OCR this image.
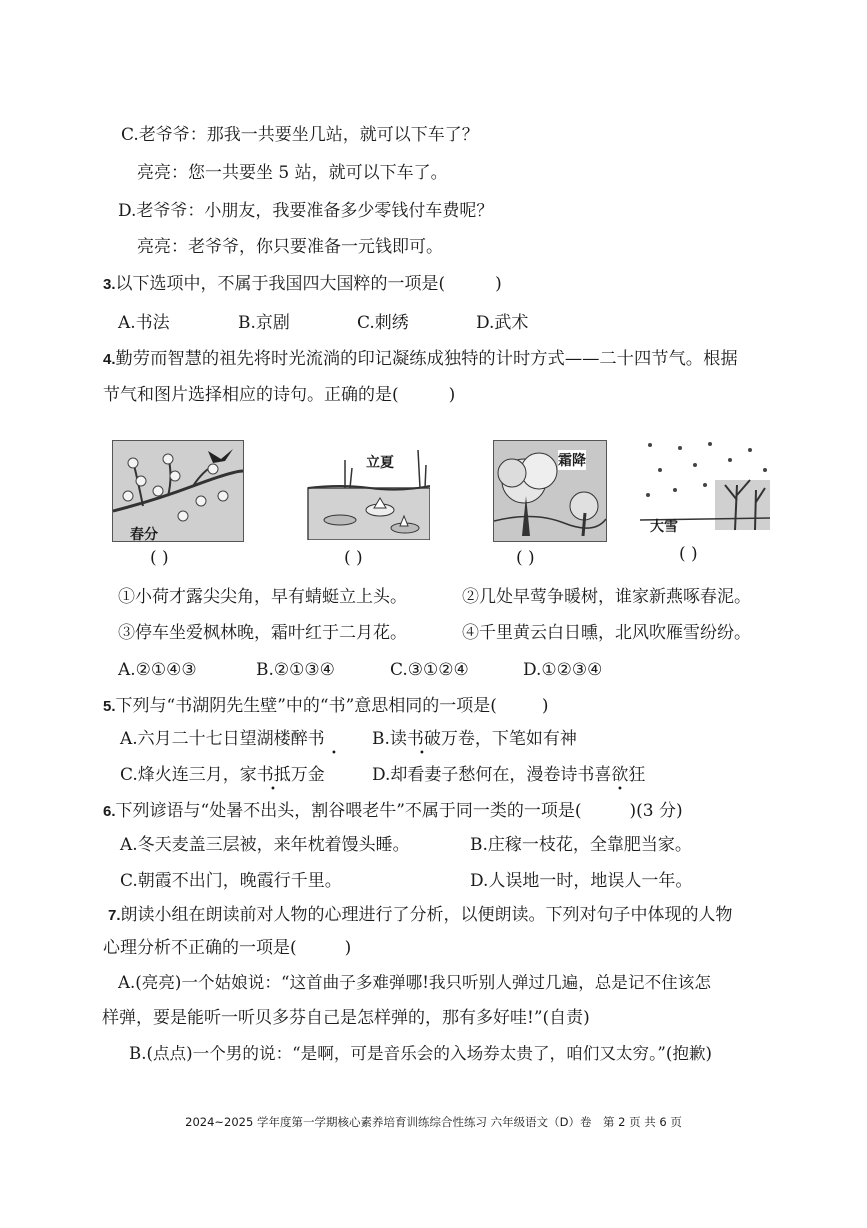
C.老爷爷：那我一共要坐几站，就可以下车了？
亮亮：您一共要坐 5 站，就可以下车了。
D.老爷爷：小朋友，我要准备多少零钱付车费呢？
亮亮：老爷爷，你只要准备一元钱即可。
3.以下选项中，不属于我国四大国粹的一项是(	)
A.书法	B.京剧	C.刺绣	D.武术
4.勤劳而智慧的祖先将时光流淌的印记凝练成独特的计时方式——二十四节气。根据
节气和图片选择相应的诗句。正确的是(	)
春分
( )
立夏
( )
霜降
( )
大雪
( )
①小荷才露尖尖角，早有蜻蜓立上头。	②几处早莺争暖树，谁家新燕啄春泥。
③停车坐爱枫林晚，霜叶红于二月花。	④千里黄云白日曛，北风吹雁雪纷纷。
A.②①④③	B.②①③④	C.③①②④	D.①②③④
5.下列与“书湖阴先生壁”中的“书”意思相同的一项是(	)
A.六月二十七日望湖楼醉书	B.读书破万卷，下笔如有神
C.烽火连三月，家书抵万金	D.却看妻子愁何在，漫卷诗书喜欲狂
•	•
•	•
6.下列谚语与“处暑不出头，割谷喂老牛”不属于同一类的一项是(	)(3 分)
A.冬天麦盖三层被，来年枕着馒头睡。	B.庄稼一枝花，全靠肥当家。
C.朝霞不出门，晚霞行千里。	D.人误地一时，地误人一年。
7.朗读小组在朗读前对人物的心理进行了分析，以便朗读。下列对句子中体现的人物
心理分析不正确的一项是(	)
A.(亮亮)一个姑娘说：“这首曲子多难弹哪!我只听别人弹过几遍，总是记不住该怎
样弹，要是能听一听贝多芬自己是怎样弹的，那有多好哇!”(自责)
B.(点点)一个男的说：“是啊，可是音乐会的入场券太贵了，咱们又太穷。”(抱歉)
2024~2025 学年度第一学期核心素养培育训练综合性练习 六年级语文（D）卷　第 2 页 共 6 页
